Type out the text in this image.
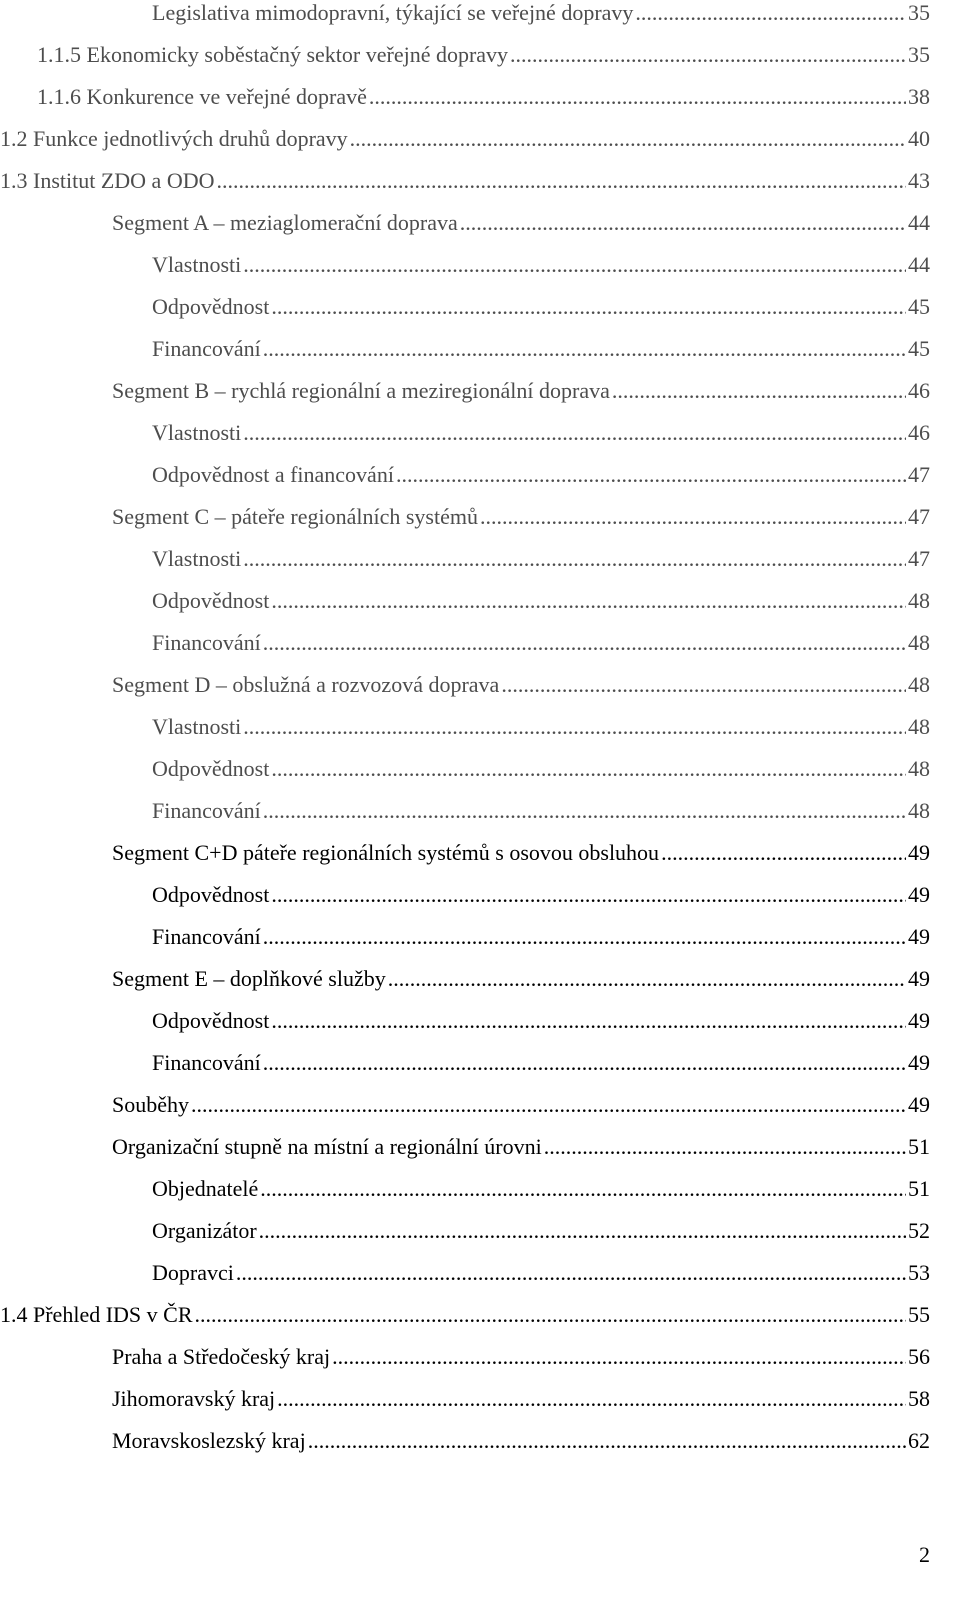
Legislativa mimodopravní, týkající se veřejné dopravy .....	35
1.1.5 Ekonomicky soběstačný sektor veřejné dopravy .....	35
1.1.6 Konkurence ve veřejné dopravě .....	38
1.2 Funkce jednotlivých druhů dopravy .....	40
1.3 Institut ZDO a ODO .....	43
Segment A – meziaglomerační doprava .....	44
Vlastnosti .....	44
Odpovědnost .....	45
Financování .....	45
Segment B – rychlá regionální a meziregionální doprava .....	46
Vlastnosti .....	46
Odpovědnost a financování .....	47
Segment C – páteře regionálních systémů .....	47
Vlastnosti .....	47
Odpovědnost .....	48
Financování .....	48
Segment D – obslužná a rozvozová doprava .....	48
Vlastnosti .....	48
Odpovědnost .....	48
Financování .....	48
Segment C+D páteře regionálních systémů s osovou obsluhou .....	49
Odpovědnost .....	49
Financování .....	49
Segment E – doplňkové služby .....	49
Odpovědnost .....	49
Financování .....	49
Souběhy .....	49
Organizační stupně na místní a regionální úrovni .....	51
Objednatelé .....	51
Organizátor .....	52
Dopravci .....	53
1.4 Přehled IDS v ČR .....	55
Praha a Středočeský kraj .....	56
Jihomoravský kraj .....	58
Moravskoslezský kraj .....	62
2
